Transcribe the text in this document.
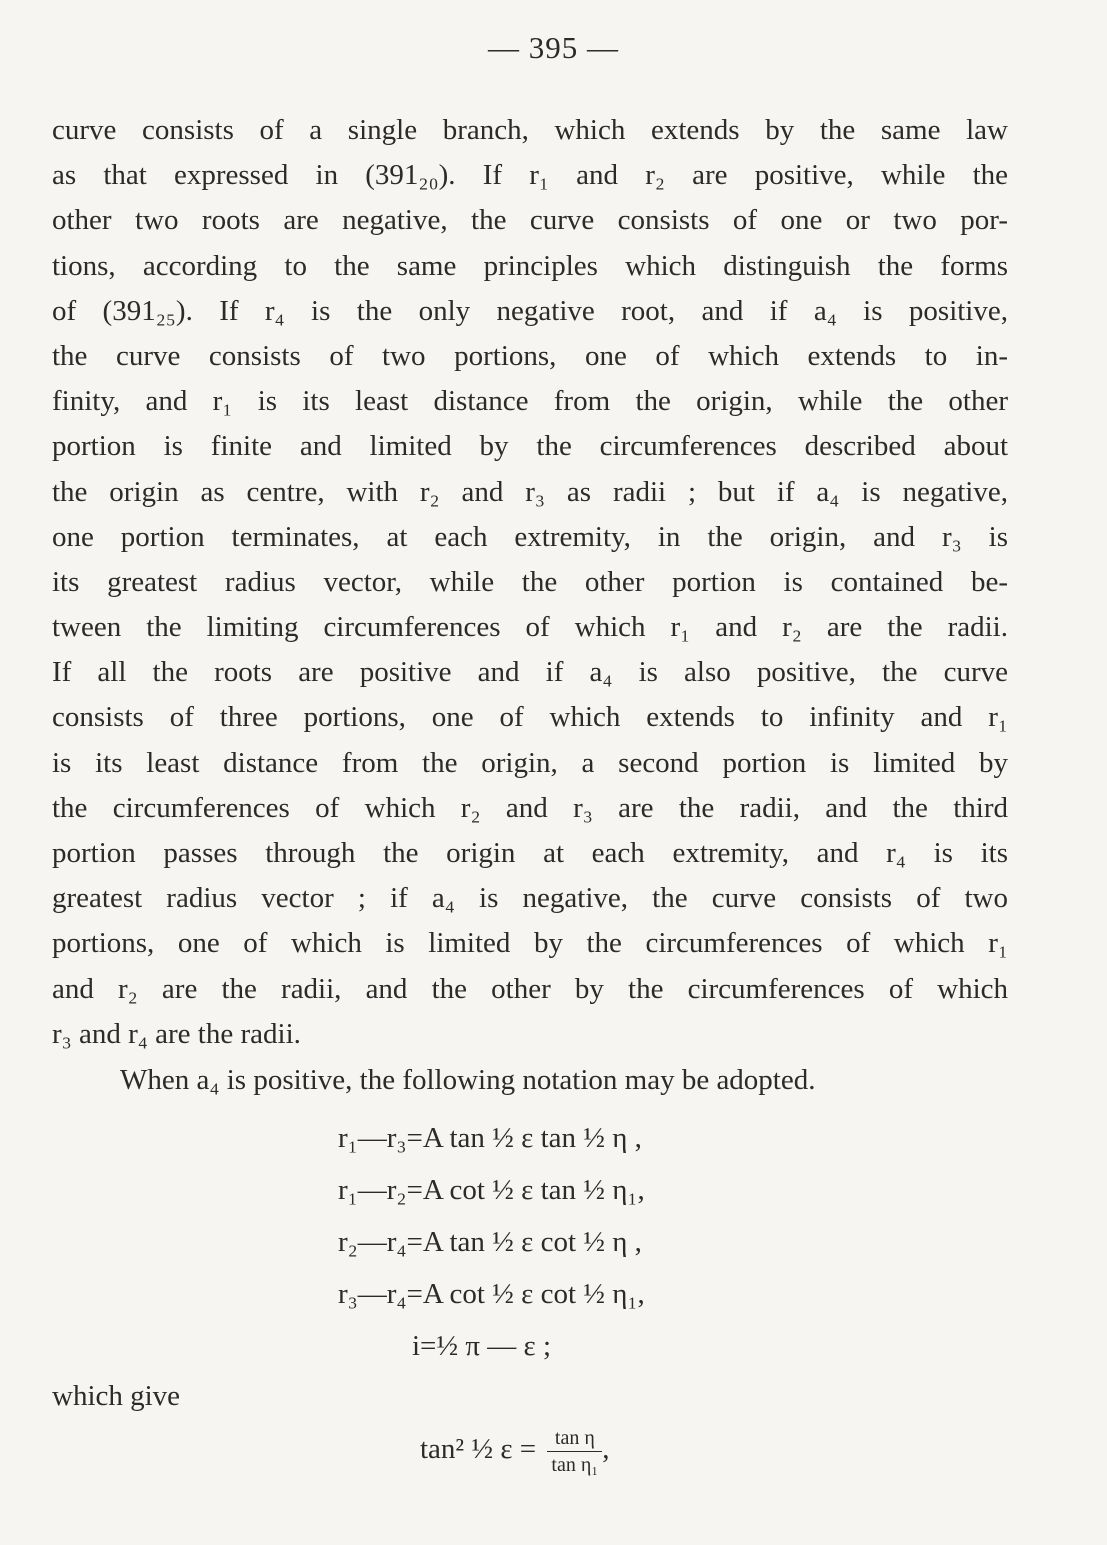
— 395 —
curve consists of a single branch, which extends by the same law
as that expressed in (391₂₀). If r₁ and r₂ are positive, while the
other two roots are negative, the curve consists of one or two por-
tions, according to the same principles which distinguish the forms
of (391₂₅). If r₄ is the only negative root, and if a₄ is positive,
the curve consists of two portions, one of which extends to in-
finity, and r₁ is its least distance from the origin, while the other
portion is finite and limited by the circumferences described about
the origin as centre, with r₂ and r₃ as radii ; but if a₄ is negative,
one portion terminates, at each extremity, in the origin, and r₃ is
its greatest radius vector, while the other portion is contained be-
tween the limiting circumferences of which r₁ and r₂ are the radii.
If all the roots are positive and if a₄ is also positive, the curve
consists of three portions, one of which extends to infinity and r₁
is its least distance from the origin, a second portion is limited by
the circumferences of which r₂ and r₃ are the radii, and the third
portion passes through the origin at each extremity, and r₄ is its
greatest radius vector ; if a₄ is negative, the curve consists of two
portions, one of which is limited by the circumferences of which r₁
and r₂ are the radii, and the other by the circumferences of which
r₃ and r₄ are the radii.
When a₄ is positive, the following notation may be adopted.
r₁—r₃=A tan ½ ε tan ½ η ,
r₁—r₂=A cot ½ ε tan ½ η₁,
r₂—r₄=A tan ½ ε cot ½ η ,
r₃—r₄=A cot ½ ε cot ½ η₁,
i=½ π — ε ;
which give
tan² ½ $\varepsilon = \frac{\text{tan η}}{\text{tan η₁}}$ ,
